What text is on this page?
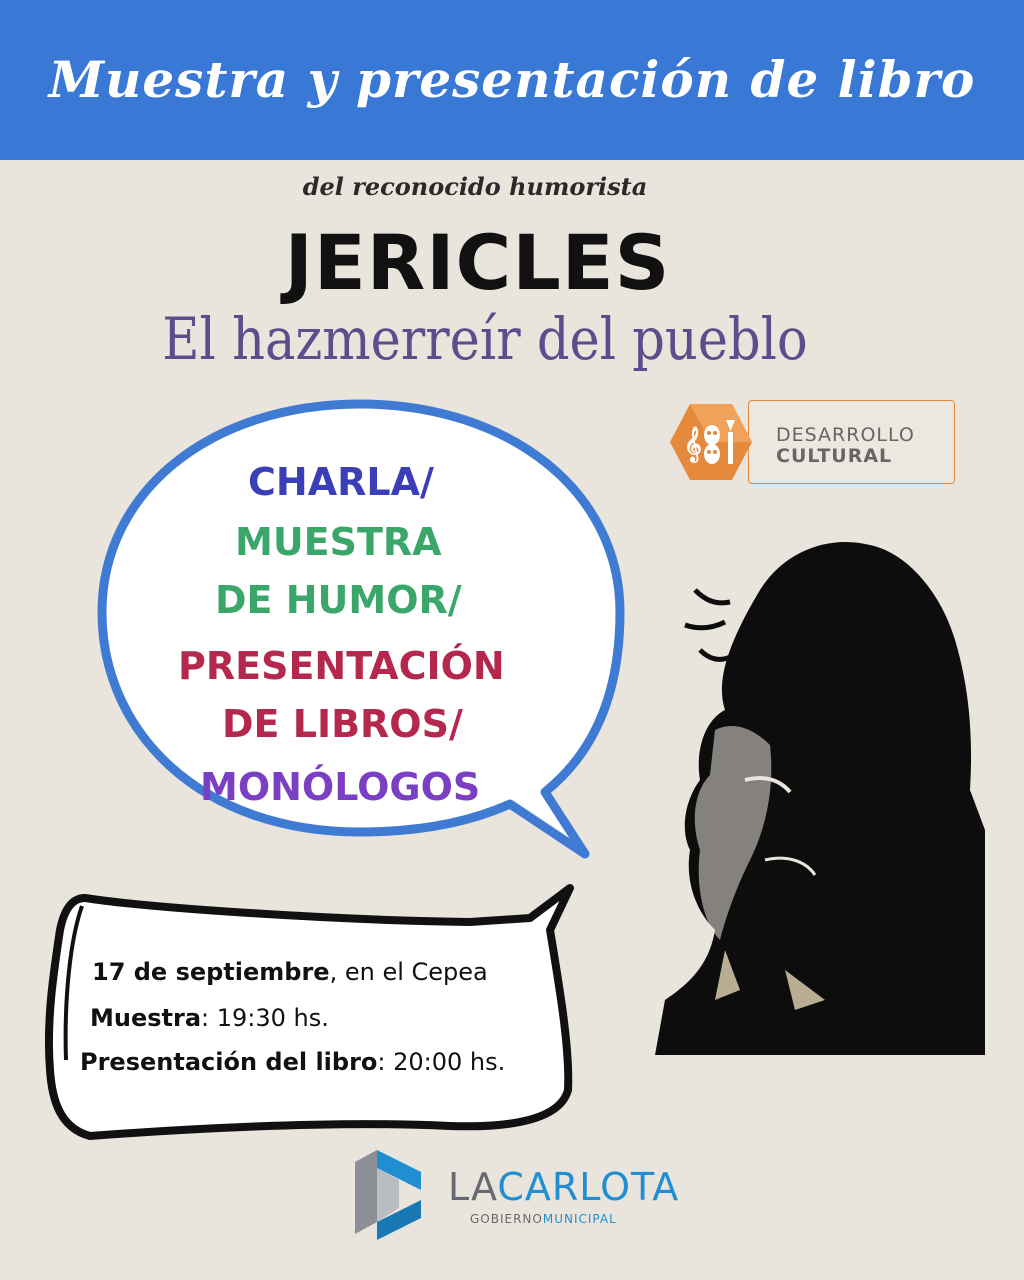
Muestra y presentación de libro
del reconocido humorista
JERICLES
El hazmerreír del pueblo
𝄞	DESARROLLO
CULTURAL
CHARLA/
MUESTRA
DE HUMOR/
PRESENTACIÓN
DE LIBROS/
MONÓLOGOS
17 de septiembre, en el Cepea
Muestra: 19:30 hs.
Presentación del libro: 20:00 hs.
LACARLOTA
GOBIERNOMUNICIPAL
